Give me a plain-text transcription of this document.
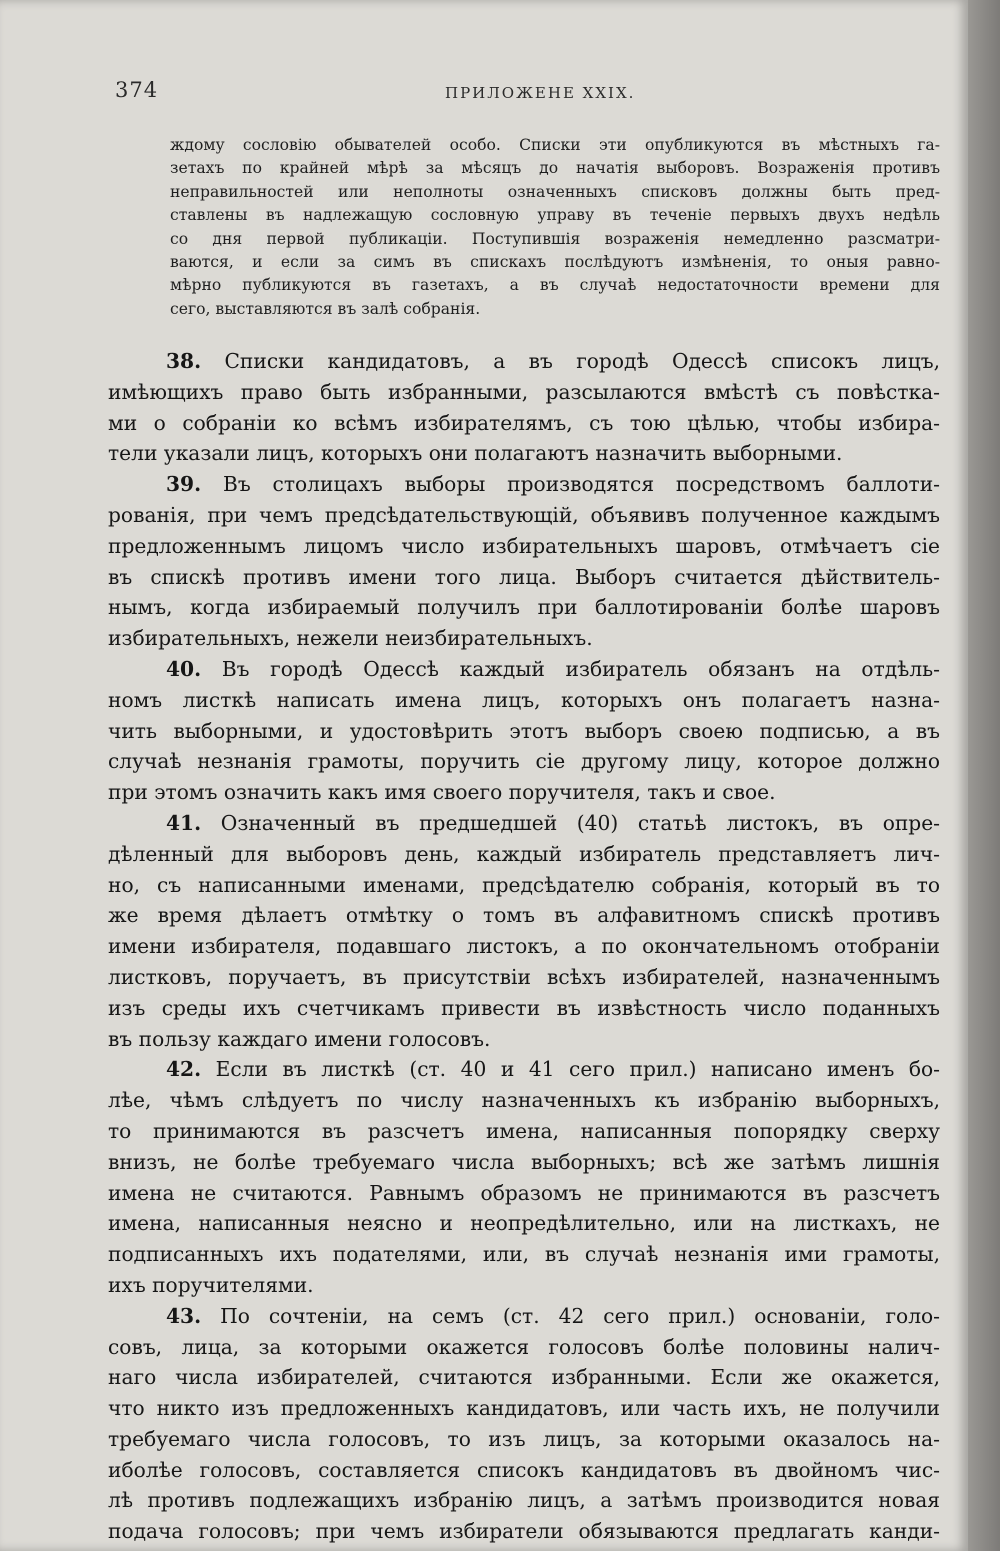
374	ПРИЛОЖЕНЕ XXIX.
ждому сословію обывателей особо. Списки эти опубликуются въ мѣстныхъ га-
зетахъ по крайней мѣрѣ за мѣсяцъ до начатія выборовъ. Возраженія противъ
неправильностей или неполноты означенныхъ списковъ должны быть пред-
ставлены въ надлежащую сословную управу въ теченіе первыхъ двухъ недѣль
со дня первой публикаціи. Поступившія возраженія немедленно разсматри-
ваются, и если за симъ въ спискахъ послѣдуютъ измѣненія, то оныя равно-
мѣрно публикуются въ газетахъ, а въ случаѣ недостаточности времени для
сего, выставляются въ залѣ собранія.
38. Списки кандидатовъ, а въ городѣ Одессѣ списокъ лицъ,
имѣющихъ право быть избранными, разсылаются вмѣстѣ съ повѣстка-
ми о собраніи ко всѣмъ избирателямъ, съ тою цѣлью, чтобы избира-
тели указали лицъ, которыхъ они полагаютъ назначить выборными.
39. Въ столицахъ выборы производятся посредствомъ баллоти-
рованія, при чемъ предсѣдательствующій, объявивъ полученное каждымъ
предложеннымъ лицомъ число избирательныхъ шаровъ, отмѣчаетъ сіе
въ спискѣ противъ имени того лица. Выборъ считается дѣйствитель-
нымъ, когда избираемый получилъ при баллотированіи болѣе шаровъ
избирательныхъ, нежели неизбирательныхъ.
40. Въ городѣ Одессѣ каждый избиратель обязанъ на отдѣль-
номъ листкѣ написать имена лицъ, которыхъ онъ полагаетъ назна-
чить выборными, и удостовѣрить этотъ выборъ своею подписью, а въ
случаѣ незнанія грамоты, поручить сіе другому лицу, которое должно
при этомъ означить какъ имя своего поручителя, такъ и свое.
41. Означенный въ предшедшей (40) статьѣ листокъ, въ опре-
дѣленный для выборовъ день, каждый избиратель представляетъ лич-
но, съ написанными именами, предсѣдателю собранія, который въ то
же время дѣлаетъ отмѣтку о томъ въ алфавитномъ спискѣ противъ
имени избирателя, подавшаго листокъ, а по окончательномъ отобраніи
листковъ, поручаетъ, въ присутствіи всѣхъ избирателей, назначеннымъ
изъ среды ихъ счетчикамъ привести въ извѣстность число поданныхъ
въ пользу каждаго имени голосовъ.
42. Если въ листкѣ (ст. 40 и 41 сего прил.) написано именъ бо-
лѣе, чѣмъ слѣдуетъ по числу назначенныхъ къ избранію выборныхъ,
то принимаются въ разсчетъ имена, написанныя попорядку сверху
внизъ, не болѣе требуемаго числа выборныхъ; всѣ же затѣмъ лишнія
имена не считаются. Равнымъ образомъ не принимаются въ разсчетъ
имена, написанныя неясно и неопредѣлительно, или на листкахъ, не
подписанныхъ ихъ подателями, или, въ случаѣ незнанія ими грамоты,
ихъ поручителями.
43. По сочтеніи, на семъ (ст. 42 сего прил.) основаніи, голо-
совъ, лица, за которыми окажется голосовъ болѣе половины налич-
наго числа избирателей, считаются избранными. Если же окажется,
что никто изъ предложенныхъ кандидатовъ, или часть ихъ, не получили
требуемаго числа голосовъ, то изъ лицъ, за которыми оказалось на-
иболѣе голосовъ, составляется списокъ кандидатовъ въ двойномъ чис-
лѣ противъ подлежащихъ избранію лицъ, а затѣмъ производится новая
подача голосовъ; при чемъ избиратели обязываются предлагать канди-
